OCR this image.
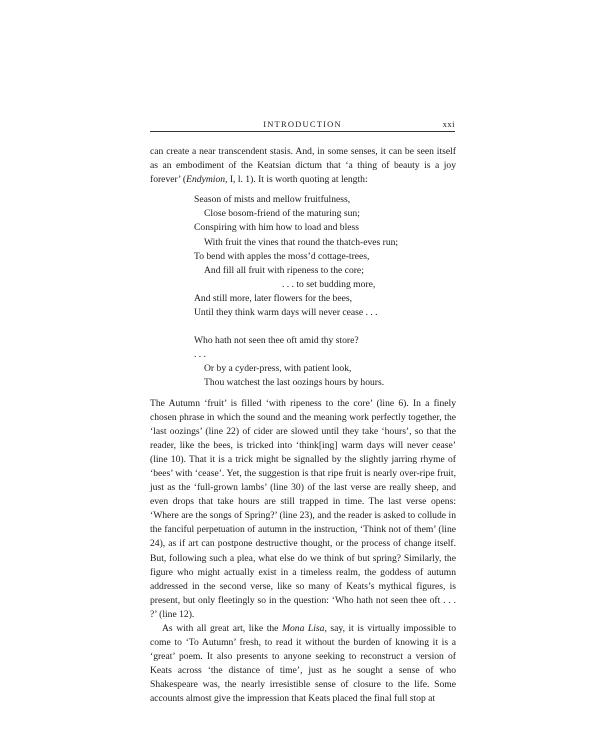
INTRODUCTION	xxi

can create a near transcendent stasis. And, in some senses, it can be seen itself as an embodiment of the Keatsian dictum that ‘a thing of beauty is a joy forever’ (Endymion, I, l. 1). It is worth quoting at length:

Season of mists and mellow fruitfulness,
Close bosom-friend of the maturing sun;
Conspiring with him how to load and bless
With fruit the vines that round the thatch-eves run;
To bend with apples the moss’d cottage-trees,
And fill all fruit with ripeness to the core;
. . . to set budding more,
And still more, later flowers for the bees,
Until they think warm days will never cease . . .
Who hath not seen thee oft amid thy store?
. . .
Or by a cyder-press, with patient look,
Thou watchest the last oozings hours by hours.

The Autumn ‘fruit’ is filled ‘with ripeness to the core’ (line 6). In a finely chosen phrase in which the sound and the meaning work perfectly together, the ‘last oozings’ (line 22) of cider are slowed until they take ‘hours’, so that the reader, like the bees, is tricked into ‘think[ing] warm days will never cease’ (line 10). That it is a trick might be signalled by the slightly jarring rhyme of ‘bees’ with ‘cease’. Yet, the suggestion is that ripe fruit is nearly over-ripe fruit, just as the ‘full-grown lambs’ (line 30) of the last verse are really sheep, and even drops that take hours are still trapped in time. The last verse opens: ‘Where are the songs of Spring?’ (line 23), and the reader is asked to collude in the fanciful perpetuation of autumn in the instruction, ‘Think not of them’ (line 24), as if art can postpone destructive thought, or the process of change itself. But, following such a plea, what else do we think of but spring? Similarly, the figure who might actually exist in a timeless realm, the goddess of autumn addressed in the second verse, like so many of Keats’s mythical figures, is present, but only fleetingly so in the question: ‘Who hath not seen thee oft . . . ?’ (line 12).

As with all great art, like the Mona Lisa, say, it is virtually impossible to come to ‘To Autumn’ fresh, to read it without the burden of knowing it is a ‘great’ poem. It also presents to anyone seeking to reconstruct a version of Keats across ‘the distance of time’, just as he sought a sense of who Shakespeare was, the nearly irresistible sense of closure to the life. Some accounts almost give the impression that Keats placed the final full stop at
